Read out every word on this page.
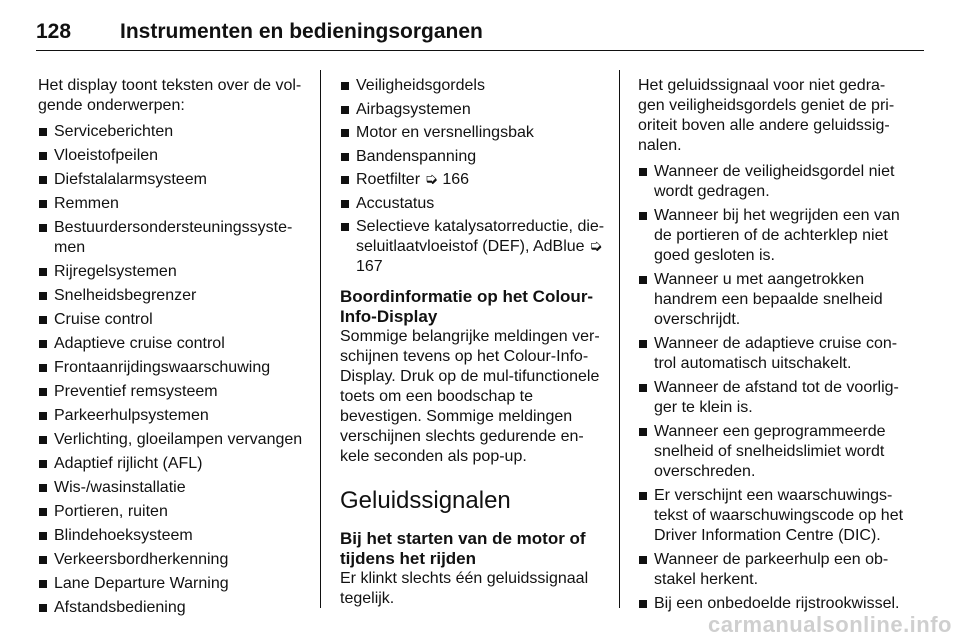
128 Instrumenten en bedieningsorganen

Het display toont teksten over de vol-gende onderwerpen:

Serviceberichten
Vloeistofpeilen
Diefstalalarmsysteem
Remmen
Bestuurdersondersteuningssyste-men
Rijregelsystemen
Snelheidsbegrenzer
Cruise control
Adaptieve cruise control
Frontaanrijdingswaarschuwing
Preventief remsysteem
Parkeerhulpsystemen
Verlichting, gloeilampen vervangen
Adaptief rijlicht (AFL)
Wis-/wasinstallatie
Portieren, ruiten
Blindehoeksysteem
Verkeersbordherkenning
Lane Departure Warning
Afstandsbediening
Veiligheidsgordels
Airbagsystemen
Motor en versnellingsbak
Bandenspanning
Roetfilter ➭ 166
Accustatus
Selectieve katalysatorreductie, die-seluitlaatvloeistof (DEF), AdBlue ➭ 167
Boordinformatie op het Colour-Info-Display

Sommige belangrijke meldingen ver-schijnen tevens op het Colour-Info-Display. Druk op de mul-tifunctionele toets om een boodschap te bevestigen. Sommige meldingen verschijnen slechts gedurende en-kele seconden als pop-up.

Geluidssignalen
Bij het starten van de motor of tijdens het rijden

Er klinkt slechts één geluidssignaal tegelijk.

Het geluidssignaal voor niet gedra-gen veiligheidsgordels geniet de pri-oriteit boven alle andere geluidssig-nalen.

Wanneer de veiligheidsgordel niet wordt gedragen.
Wanneer bij het wegrijden een van de portieren of de achterklep niet goed gesloten is.
Wanneer u met aangetrokken handrem een bepaalde snelheid overschrijdt.
Wanneer de adaptieve cruise con-trol automatisch uitschakelt.
Wanneer de afstand tot de voorlig-ger te klein is.
Wanneer een geprogrammeerde snelheid of snelheidslimiet wordt overschreden.
Er verschijnt een waarschuwings-tekst of waarschuwingscode op het Driver Information Centre (DIC).
Wanneer de parkeerhulp een ob-stakel herkent.
Bij een onbedoelde rijstrookwissel.
carmanualsonline.info
